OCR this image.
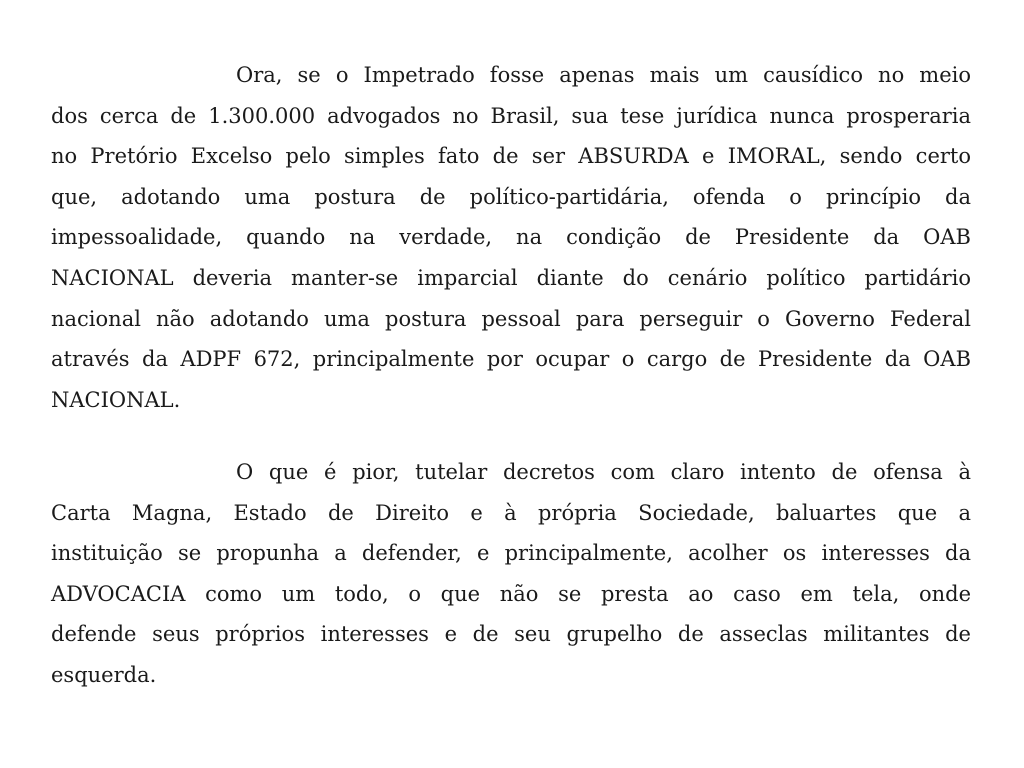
Ora, se o Impetrado fosse apenas mais um causídico no meio
dos cerca de 1.300.000 advogados no Brasil, sua tese jurídica nunca prosperaria
no Pretório Excelso pelo simples fato de ser ABSURDA e IMORAL, sendo certo
que, adotando uma postura de político-partidária, ofenda o princípio da
impessoalidade, quando na verdade, na condição de Presidente da OAB
NACIONAL deveria manter-se imparcial diante do cenário político partidário
nacional não adotando uma postura pessoal para perseguir o Governo Federal
através da ADPF 672, principalmente por ocupar o cargo de Presidente da OAB
NACIONAL.
O que é pior, tutelar decretos com claro intento de ofensa à
Carta Magna, Estado de Direito e à própria Sociedade, baluartes que a
instituição se propunha a defender, e principalmente, acolher os interesses da
ADVOCACIA como um todo, o que não se presta ao caso em tela, onde
defende seus próprios interesses e de seu grupelho de asseclas militantes de
esquerda.
